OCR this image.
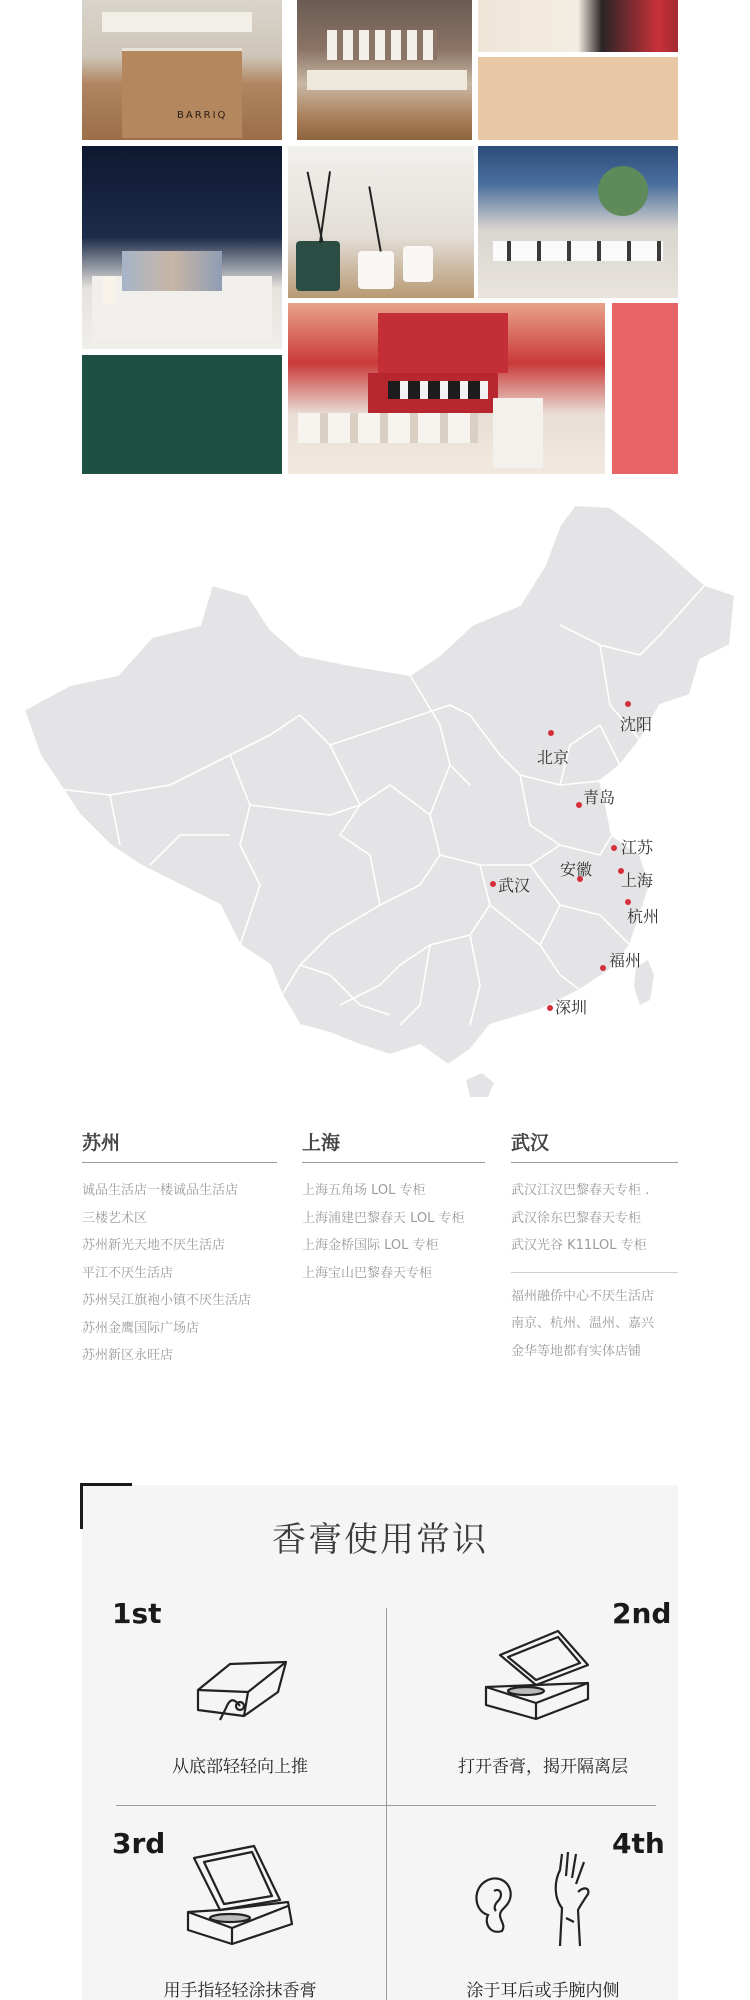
BARRIQ
沈阳
北京
青岛
江苏
安徽
上海
武汉
杭州
福州
深圳
苏州
诚品生活店一楼诚品生活店
三楼艺术区
苏州新光天地不厌生活店
平江不厌生活店
苏州吴江旗袍小镇不厌生活店
苏州金鹰国际广场店
苏州新区永旺店
上海
上海五角场 LOL 专柜
上海浦建巴黎春天 LOL 专柜
上海金桥国际 LOL 专柜
上海宝山巴黎春天专柜
武汉
武汉江汉巴黎春天专柜 .
武汉徐东巴黎春天专柜
武汉光谷 K11LOL 专柜
福州融侨中心不厌生活店
南京、杭州、温州、嘉兴
金华等地都有实体店铺
香膏使用常识
1st
从底部轻轻向上推
2nd
打开香膏，揭开隔离层
3rd
用手指轻轻涂抹香膏
4th
涂于耳后或手腕内侧
